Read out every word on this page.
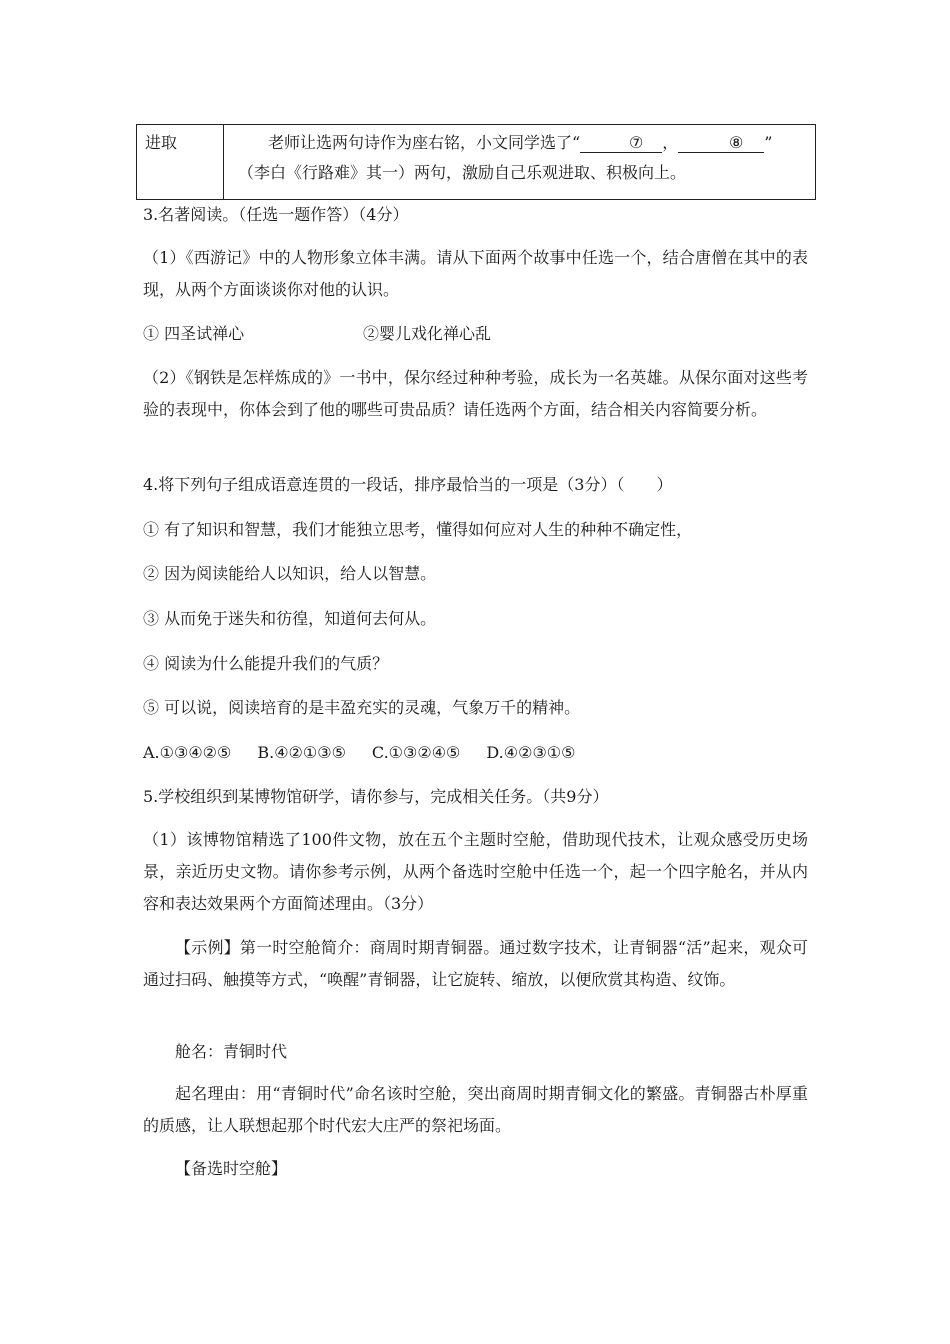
进取	老师让选两句诗作为座右铭，小文同学选了“	⑦ ，	⑧ ”
（李白《行路难》其一）两句，激励自己乐观进取、积极向上。
3.名著阅读。（任选一题作答）（4分）
（1）《西游记》中的人物形象立体丰满。请从下面两个故事中任选一个，结合唐僧在其中的表现，从两个方面谈谈你对他的认识。
① 四圣试禅心	②婴儿戏化禅心乱
（2）《钢铁是怎样炼成的》一书中，保尔经过种种考验，成长为一名英雄。从保尔面对这些考验的表现中，你体会到了他的哪些可贵品质？请任选两个方面，结合相关内容简要分析。
4.将下列句子组成语意连贯的一段话，排序最恰当的一项是（3分）（　　）
① 有了知识和智慧，我们才能独立思考，懂得如何应对人生的种种不确定性，
② 因为阅读能给人以知识，给人以智慧。
③ 从而免于迷失和彷徨，知道何去何从。
④ 阅读为什么能提升我们的气质？
⑤ 可以说，阅读培育的是丰盈充实的灵魂，气象万千的精神。
A.①③④②⑤ B.④②①③⑤ C.①③②④⑤ D.④②③①⑤
5.学校组织到某博物馆研学，请你参与，完成相关任务。（共9分）
（1）该博物馆精选了100件文物，放在五个主题时空舱，借助现代技术，让观众感受历史场景，亲近历史文物。请你参考示例，从两个备选时空舱中任选一个，起一个四字舱名，并从内容和表达效果两个方面简述理由。（3分）
【示例】第一时空舱简介：商周时期青铜器。通过数字技术，让青铜器“活”起来，观众可通过扫码、触摸等方式，“唤醒”青铜器，让它旋转、缩放，以便欣赏其构造、纹饰。
舱名：青铜时代
起名理由：用“青铜时代”命名该时空舱，突出商周时期青铜文化的繁盛。青铜器古朴厚重的质感，让人联想起那个时代宏大庄严的祭祀场面。
【备选时空舱】
